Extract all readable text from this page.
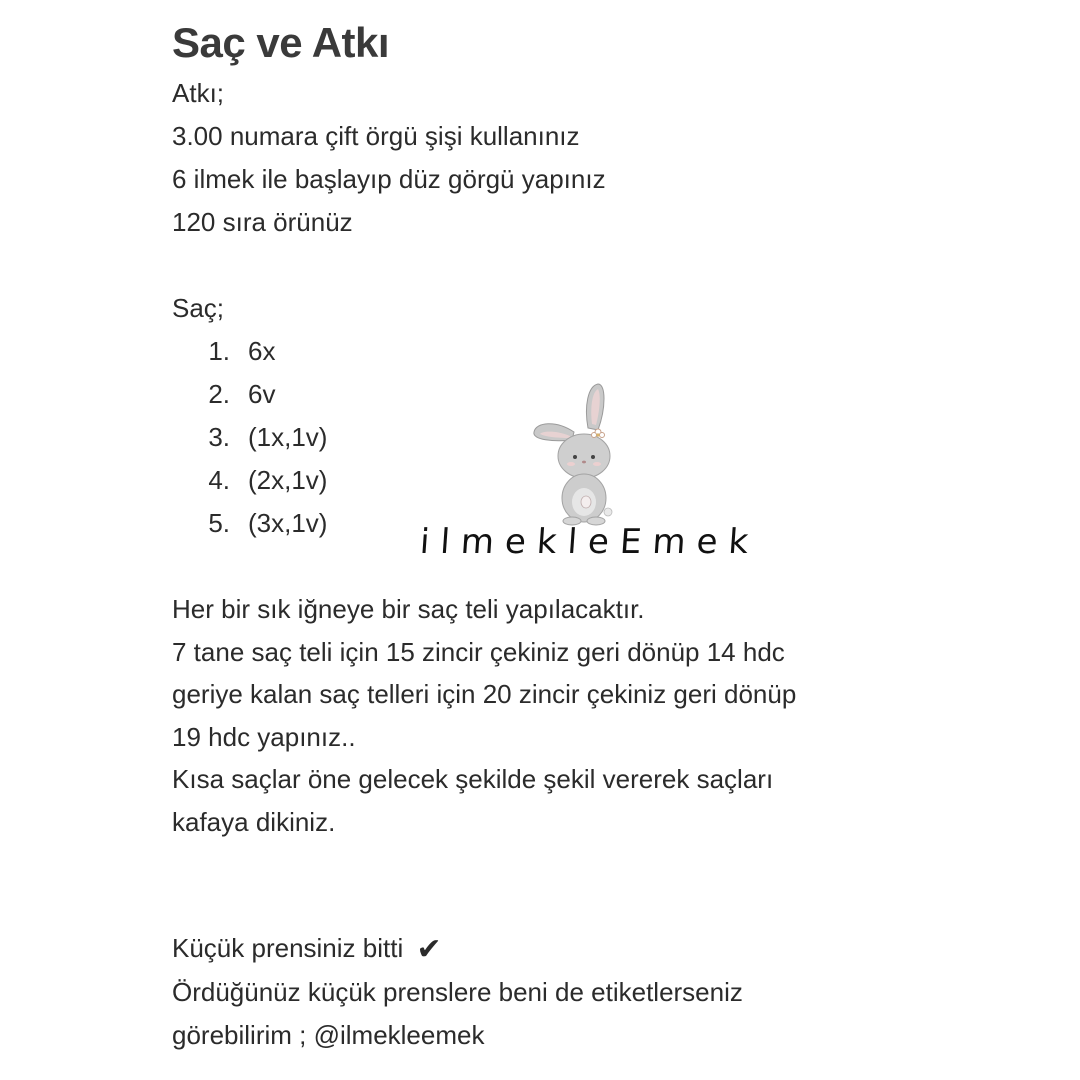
Saç ve Atkı
Atkı;
3.00 numara çift örgü şişi kullanınız
6 ilmek ile başlayıp düz görgü yapınız
120 sıra örünüz
Saç;
1. 6x
2. 6v
3. (1x,1v)
4. (2x,1v)
5. (3x,1v)
Her bir sık iğneye bir saç teli yapılacaktır.
7 tane saç teli için 15 zincir çekiniz geri dönüp 14 hdc
geriye kalan saç telleri için 20 zincir çekiniz geri dönüp
19 hdc yapınız..
Kısa saçlar öne gelecek şekilde şekil vererek saçları
kafaya dikiniz.
Küçük prensiniz bitti ✔
Ördüğünüz küçük prenslere beni de etiketlerseniz
görebilirim ; @ilmekleemek
ilmekleEmek
